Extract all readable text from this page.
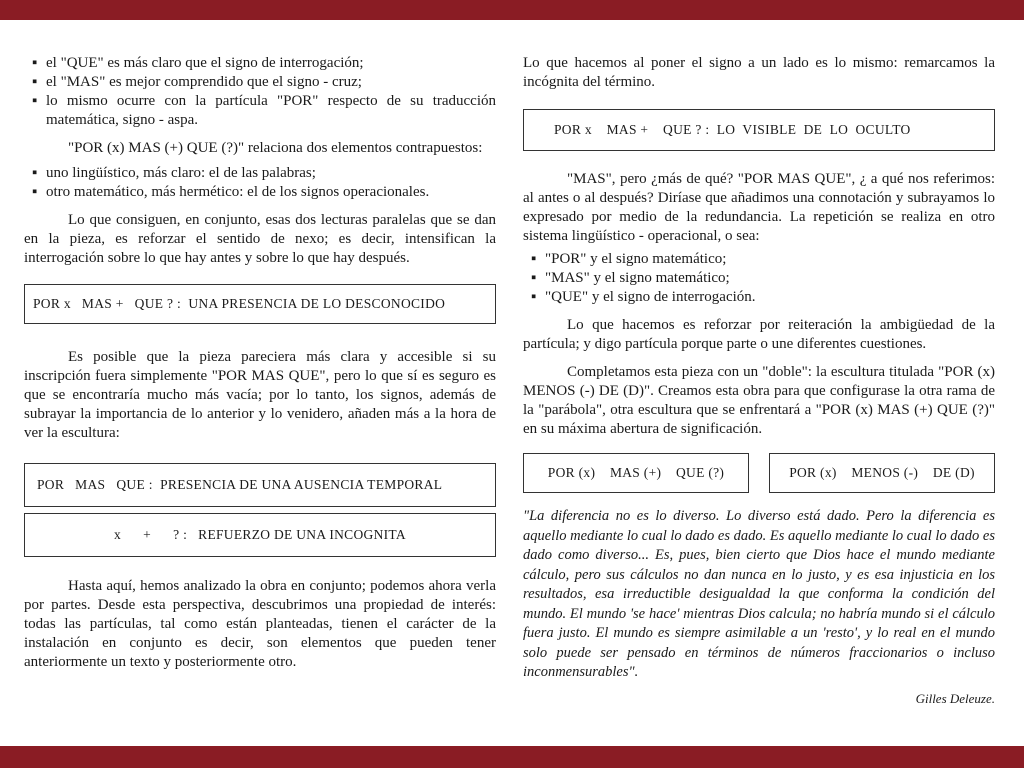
▪ el "QUE" es más claro que el signo de interrogación;
▪ el "MAS" es mejor comprendido que el signo - cruz;
▪ lo mismo ocurre con la partícula "POR" respecto de su traducción matemática, signo - aspa.

"POR (x) MAS (+) QUE (?)" relaciona dos elementos contrapuestos:

▪ uno lingüístico, más claro: el de las palabras;
▪ otro matemático, más hermético: el de los signos operacionales.

Lo que consiguen, en conjunto, esas dos lecturas paralelas que se dan en la pieza, es reforzar el sentido de nexo; es decir, intensifican la interrogación sobre lo que hay antes y sobre lo que hay después.

POR x   MAS +   QUE ? :  UNA PRESENCIA DE LO DESCONOCIDO

Es posible que la pieza pareciera más clara y accesible si su inscripción fuera simplemente "POR MAS QUE", pero lo que sí es seguro es que se encontraría mucho más vacía; por lo tanto, los signos, además de subrayar la importancia de lo anterior y lo venidero, añaden más a la hora de ver la escultura:

POR   MAS   QUE :  PRESENCIA DE UNA AUSENCIA TEMPORAL
x      +      ? :   REFUERZO DE UNA INCOGNITA

Hasta aquí, hemos analizado la obra en conjunto; podemos ahora verla por partes. Desde esta perspectiva, descubrimos una propiedad de interés: todas las partículas, tal como están planteadas, tienen el carácter de la instalación en conjunto es decir, son elementos que pueden tener anteriormente un texto y posteriormente otro.

Lo que hacemos al poner el signo a un lado es lo mismo: remarcamos la incógnita del término.

POR x    MAS +    QUE ? :  LO  VISIBLE  DE  LO  OCULTO

"MAS", pero ¿más de qué? "POR MAS QUE", ¿ a qué nos referimos: al antes o al después? Diríase que añadimos una connotación y subrayamos lo expresado por medio de la redundancia. La repetición se realiza en otro sistema lingüístico - operacional, o sea:

▪ "POR" y el signo matemático;
▪ "MAS" y el signo matemático;
▪ "QUE" y el signo de interrogación.

Lo que hacemos es reforzar por reiteración la ambigüedad de la partícula; y digo partícula porque parte o une diferentes cuestiones.

Completamos esta pieza con un "doble": la escultura titulada "POR (x) MENOS (-) DE (D)". Creamos esta obra para que configurase la otra rama de la "parábola", otra escultura que se enfrentará a "POR (x) MAS (+) QUE (?)" en su máxima abertura de significación.

POR (x)    MAS (+)    QUE (?)	POR (x)    MENOS (-)    DE (D)

"La diferencia no es lo diverso. Lo diverso está dado. Pero la diferencia es aquello mediante lo cual lo dado es dado. Es aquello mediante lo cual lo dado es dado como diverso... Es, pues, bien cierto que Dios hace el mundo mediante cálculo, pero sus cálculos no dan nunca en lo justo, y es esa injusticia en los resultados, esa irreductible desigualdad la que conforma la condición del mundo. El mundo 'se hace' mientras Dios calcula; no habría mundo si el cálculo fuera justo. El mundo es siempre asimilable a un 'resto', y lo real en el mundo solo puede ser pensado en términos de números fraccionarios o incluso inconmensurables".

Gilles Deleuze.
